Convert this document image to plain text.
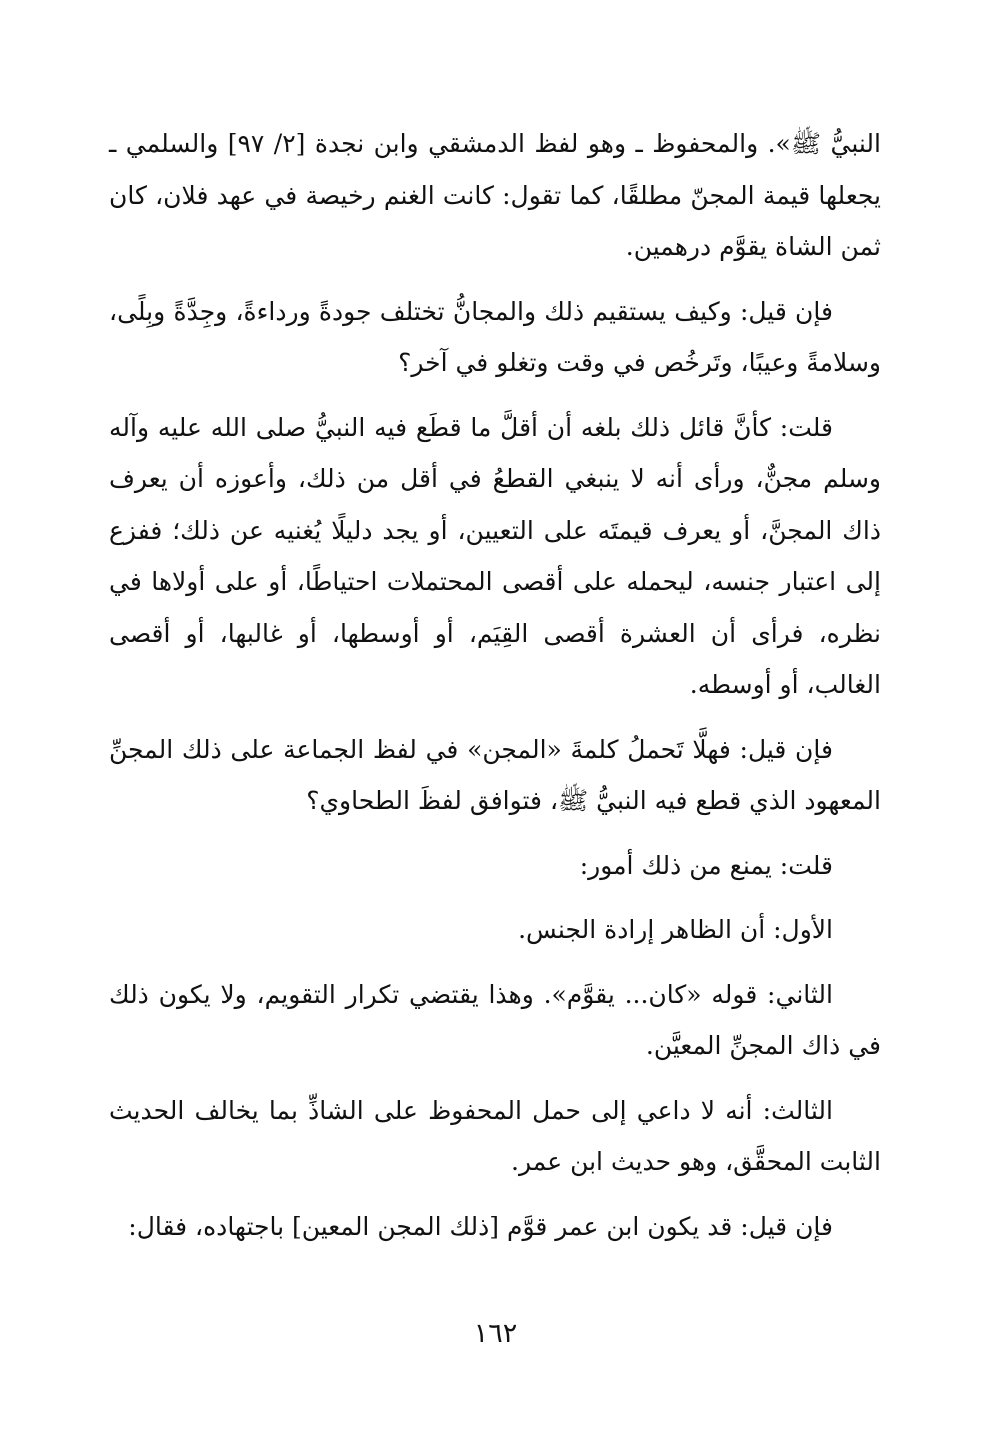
النبيُّ ﷺ». والمحفوظ ـ وهو لفظ الدمشقي وابن نجدة [٢/ ٩٧] والسلمي ـ يجعلها قيمة المجنّ مطلقًا، كما تقول: كانت الغنم رخيصة في عهد فلان، كان ثمن الشاة يقوَّم درهمين.

فإن قيل: وكيف يستقيم ذلك والمجانُّ تختلف جودةً ورداءةً، وجِدَّةً وبِلًى، وسلامةً وعيبًا، وتَرخُص في وقت وتغلو في آخر؟

قلت: كأنَّ قائل ذلك بلغه أن أقلَّ ما قطَع فيه النبيُّ صلى الله عليه وآله وسلم مجنٌّ، ورأى أنه لا ينبغي القطعُ في أقل من ذلك، وأعوزه أن يعرف ذاك المجنَّ، أو يعرف قيمتَه على التعيين، أو يجد دليلًا يُغنيه عن ذلك؛ ففزع إلى اعتبار جنسه، ليحمله على أقصى المحتملات احتياطًا، أو على أولاها في نظره، فرأى أن العشرة أقصى القِيَم، أو أوسطها، أو غالبها، أو أقصى الغالب، أو أوسطه.

فإن قيل: فهلَّا تَحملُ كلمةَ «المجن» في لفظ الجماعة على ذلك المجنِّ المعهود الذي قطع فيه النبيُّ ﷺ، فتوافق لفظَ الطحاوي؟

قلت: يمنع من ذلك أمور:

الأول: أن الظاهر إرادة الجنس.

الثاني: قوله «كان... يقوَّم». وهذا يقتضي تكرار التقويم، ولا يكون ذلك في ذاك المجنِّ المعيَّن.

الثالث: أنه لا داعي إلى حمل المحفوظ على الشاذِّ بما يخالف الحديث الثابت المحقَّق، وهو حديث ابن عمر.

فإن قيل: قد يكون ابن عمر قوَّم [ذلك المجن المعين] باجتهاده، فقال:

١٦٢
